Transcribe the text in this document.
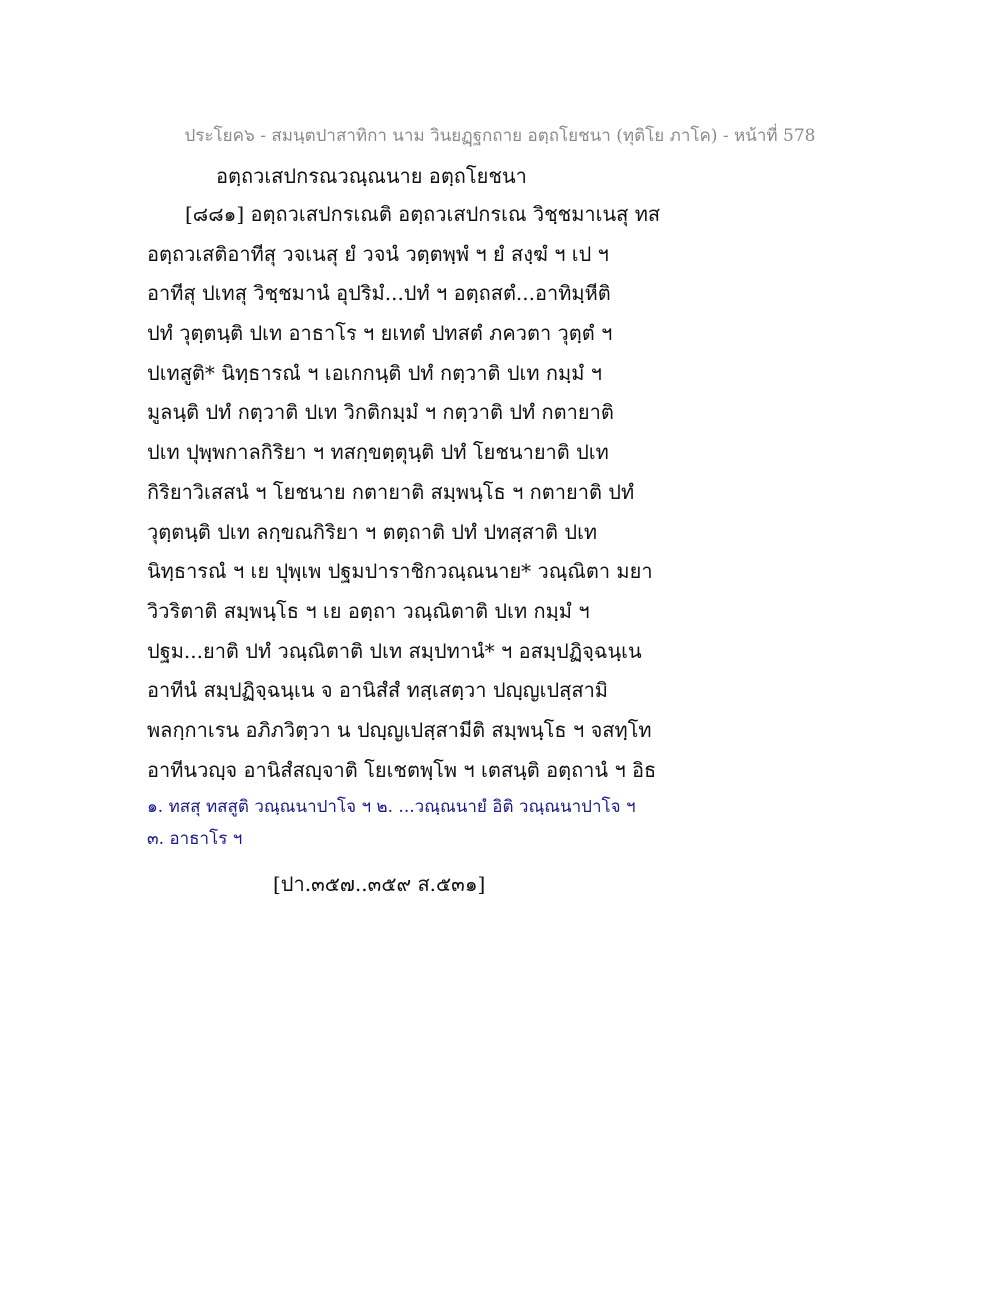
ประโยค๖ - สมนฺตปาสาทิกา นาม วินยฏฺฐกถาย อตฺถโยชนา (ทุติโย ภาโค) - หน้าที่ 578
อตฺถวเสปกรณวณฺณนาย อตฺถโยชนา
[๘๘๑] อตฺถวเสปกรเณติ อตฺถวเสปกรเณ วิชฺชมาเนสุ ทส
อตฺถวเสติอาทีสุ วจเนสุ ยํ วจนํ วตฺตพฺพํ ฯ ยํ สงฺฆํ ฯ เป ฯ
อาทีสุ ปเทสุ วิชฺชมานํ อุปริมํ...ปทํ ฯ อตฺถสตํ...อาทิมฺหีติ
ปทํ วุตฺตนฺติ ปเท อาธาโร ฯ ยเทตํ ปทสตํ ภควตา วุตฺตํ ฯ
ปเทสูติ* นิทฺธารณํ ฯ เอเกกนฺติ ปทํ กตฺวาติ ปเท กมฺมํ ฯ
มูลนฺติ ปทํ กตฺวาติ ปเท วิกติกมฺมํ ฯ กตฺวาติ ปทํ กตายาติ
ปเท ปุพฺพกาลกิริยา ฯ ทสกฺขตฺตุนฺติ ปทํ โยชนายาติ ปเท
กิริยาวิเสสนํ ฯ โยชนาย กตายาติ สมฺพนฺโธ ฯ กตายาติ ปทํ
วุตฺตนฺติ ปเท ลกฺขณกิริยา ฯ ตตฺถาติ ปทํ ปทสฺสาติ ปเท
นิทฺธารณํ ฯ เย ปุพฺเพ ปฐมปาราชิกวณฺณนาย* วณฺณิตา มยา
วิวริตาติ สมฺพนฺโธ ฯ เย อตฺถา วณฺณิตาติ ปเท กมฺมํ ฯ
ปฐม...ยาติ ปทํ วณฺณิตาติ ปเท สมฺปทานํ* ฯ อสมฺปฏิจฺฉนฺเน
อาทีนํ สมฺปฏิจฺฉนฺเน จ อานิสํสํ ทสฺเสตฺวา ปญฺญเปสฺสามิ
พลกฺกาเรน อภิภวิตฺวา น ปญฺญเปสฺสามีติ สมฺพนฺโธ ฯ จสทฺโท
อาทีนวญฺจ อานิสํสญฺจาติ โยเชตพฺโพ ฯ เตสนฺติ อตฺถานํ ฯ อิธ
๑. ทสสุ ทสสูติ วณฺณนาปาโจ ฯ ๒. ...วณฺณนายํ อิติ วณฺณนาปาโจ ฯ
๓. อาธาโร ฯ
[ปา.๓๕๗..๓๕๙ ส.๕๓๑]
